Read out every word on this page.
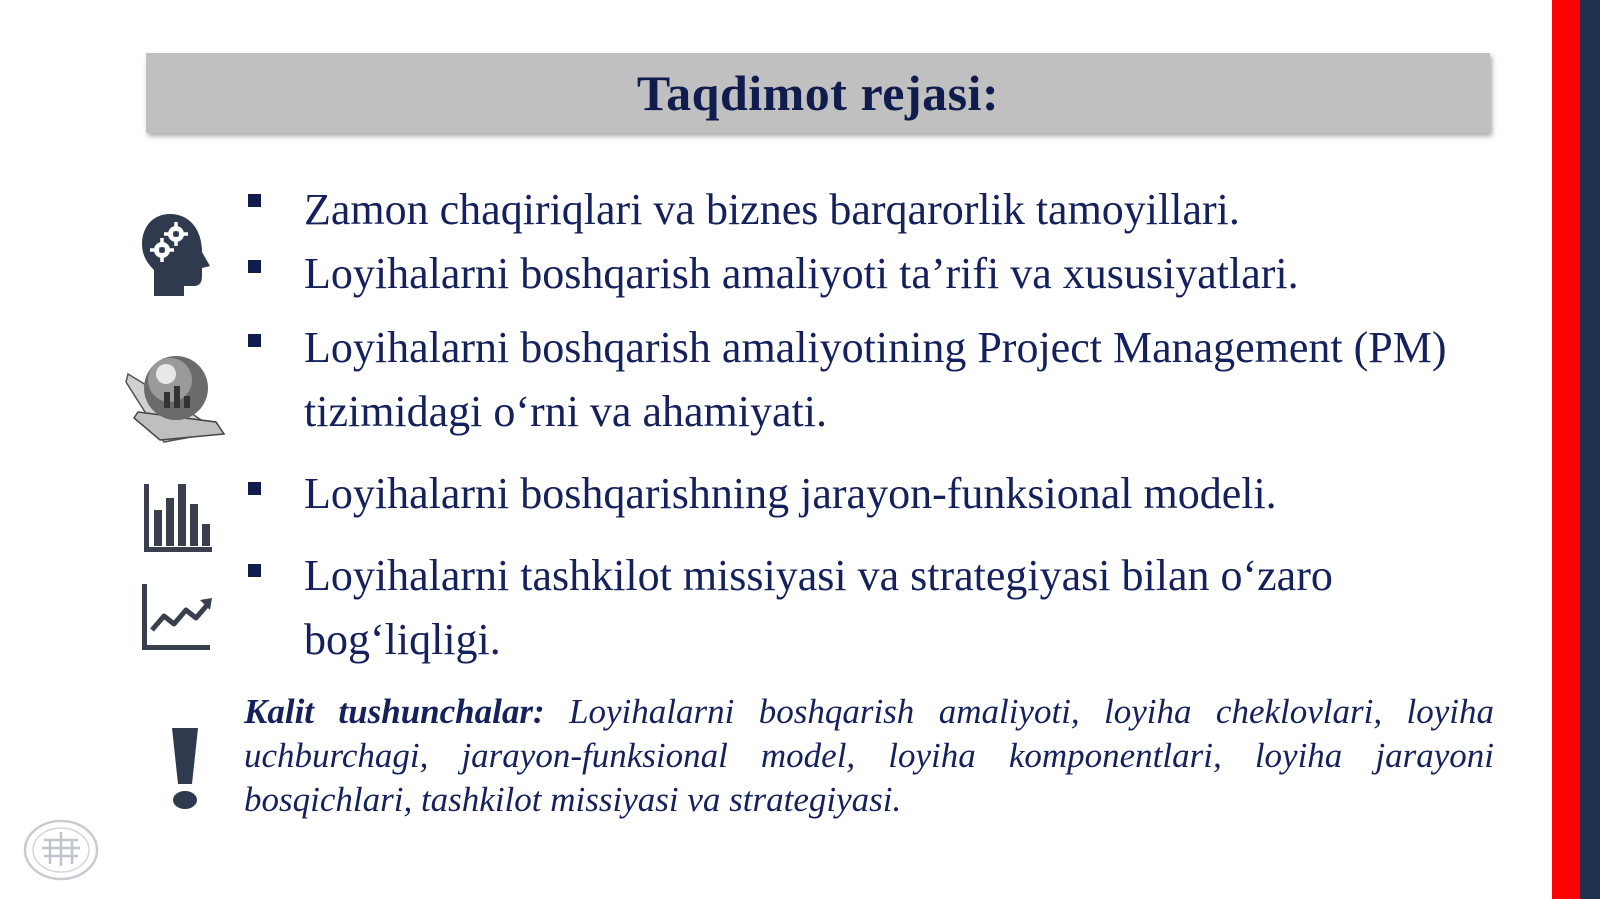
Taqdimot rejasi:
Zamon chaqiriqlari va biznes barqarorlik tamoyillari.
Loyihalarni boshqarish amaliyoti ta’rifi va xususiyatlari.
Loyihalarni boshqarish amaliyotining Project Management (PM) tizimidagi o‘rni va ahamiyati.
Loyihalarni boshqarishning jarayon-funksional modeli.
Loyihalarni tashkilot missiyasi va strategiyasi bilan o‘zaro bog‘liqligi.
Kalit tushunchalar: Loyihalarni boshqarish amaliyoti, loyiha cheklovlari, loyiha uchburchagi, jarayon-funksional model, loyiha komponentlari, loyiha jarayoni bosqichlari, tashkilot missiyasi va strategiyasi.
